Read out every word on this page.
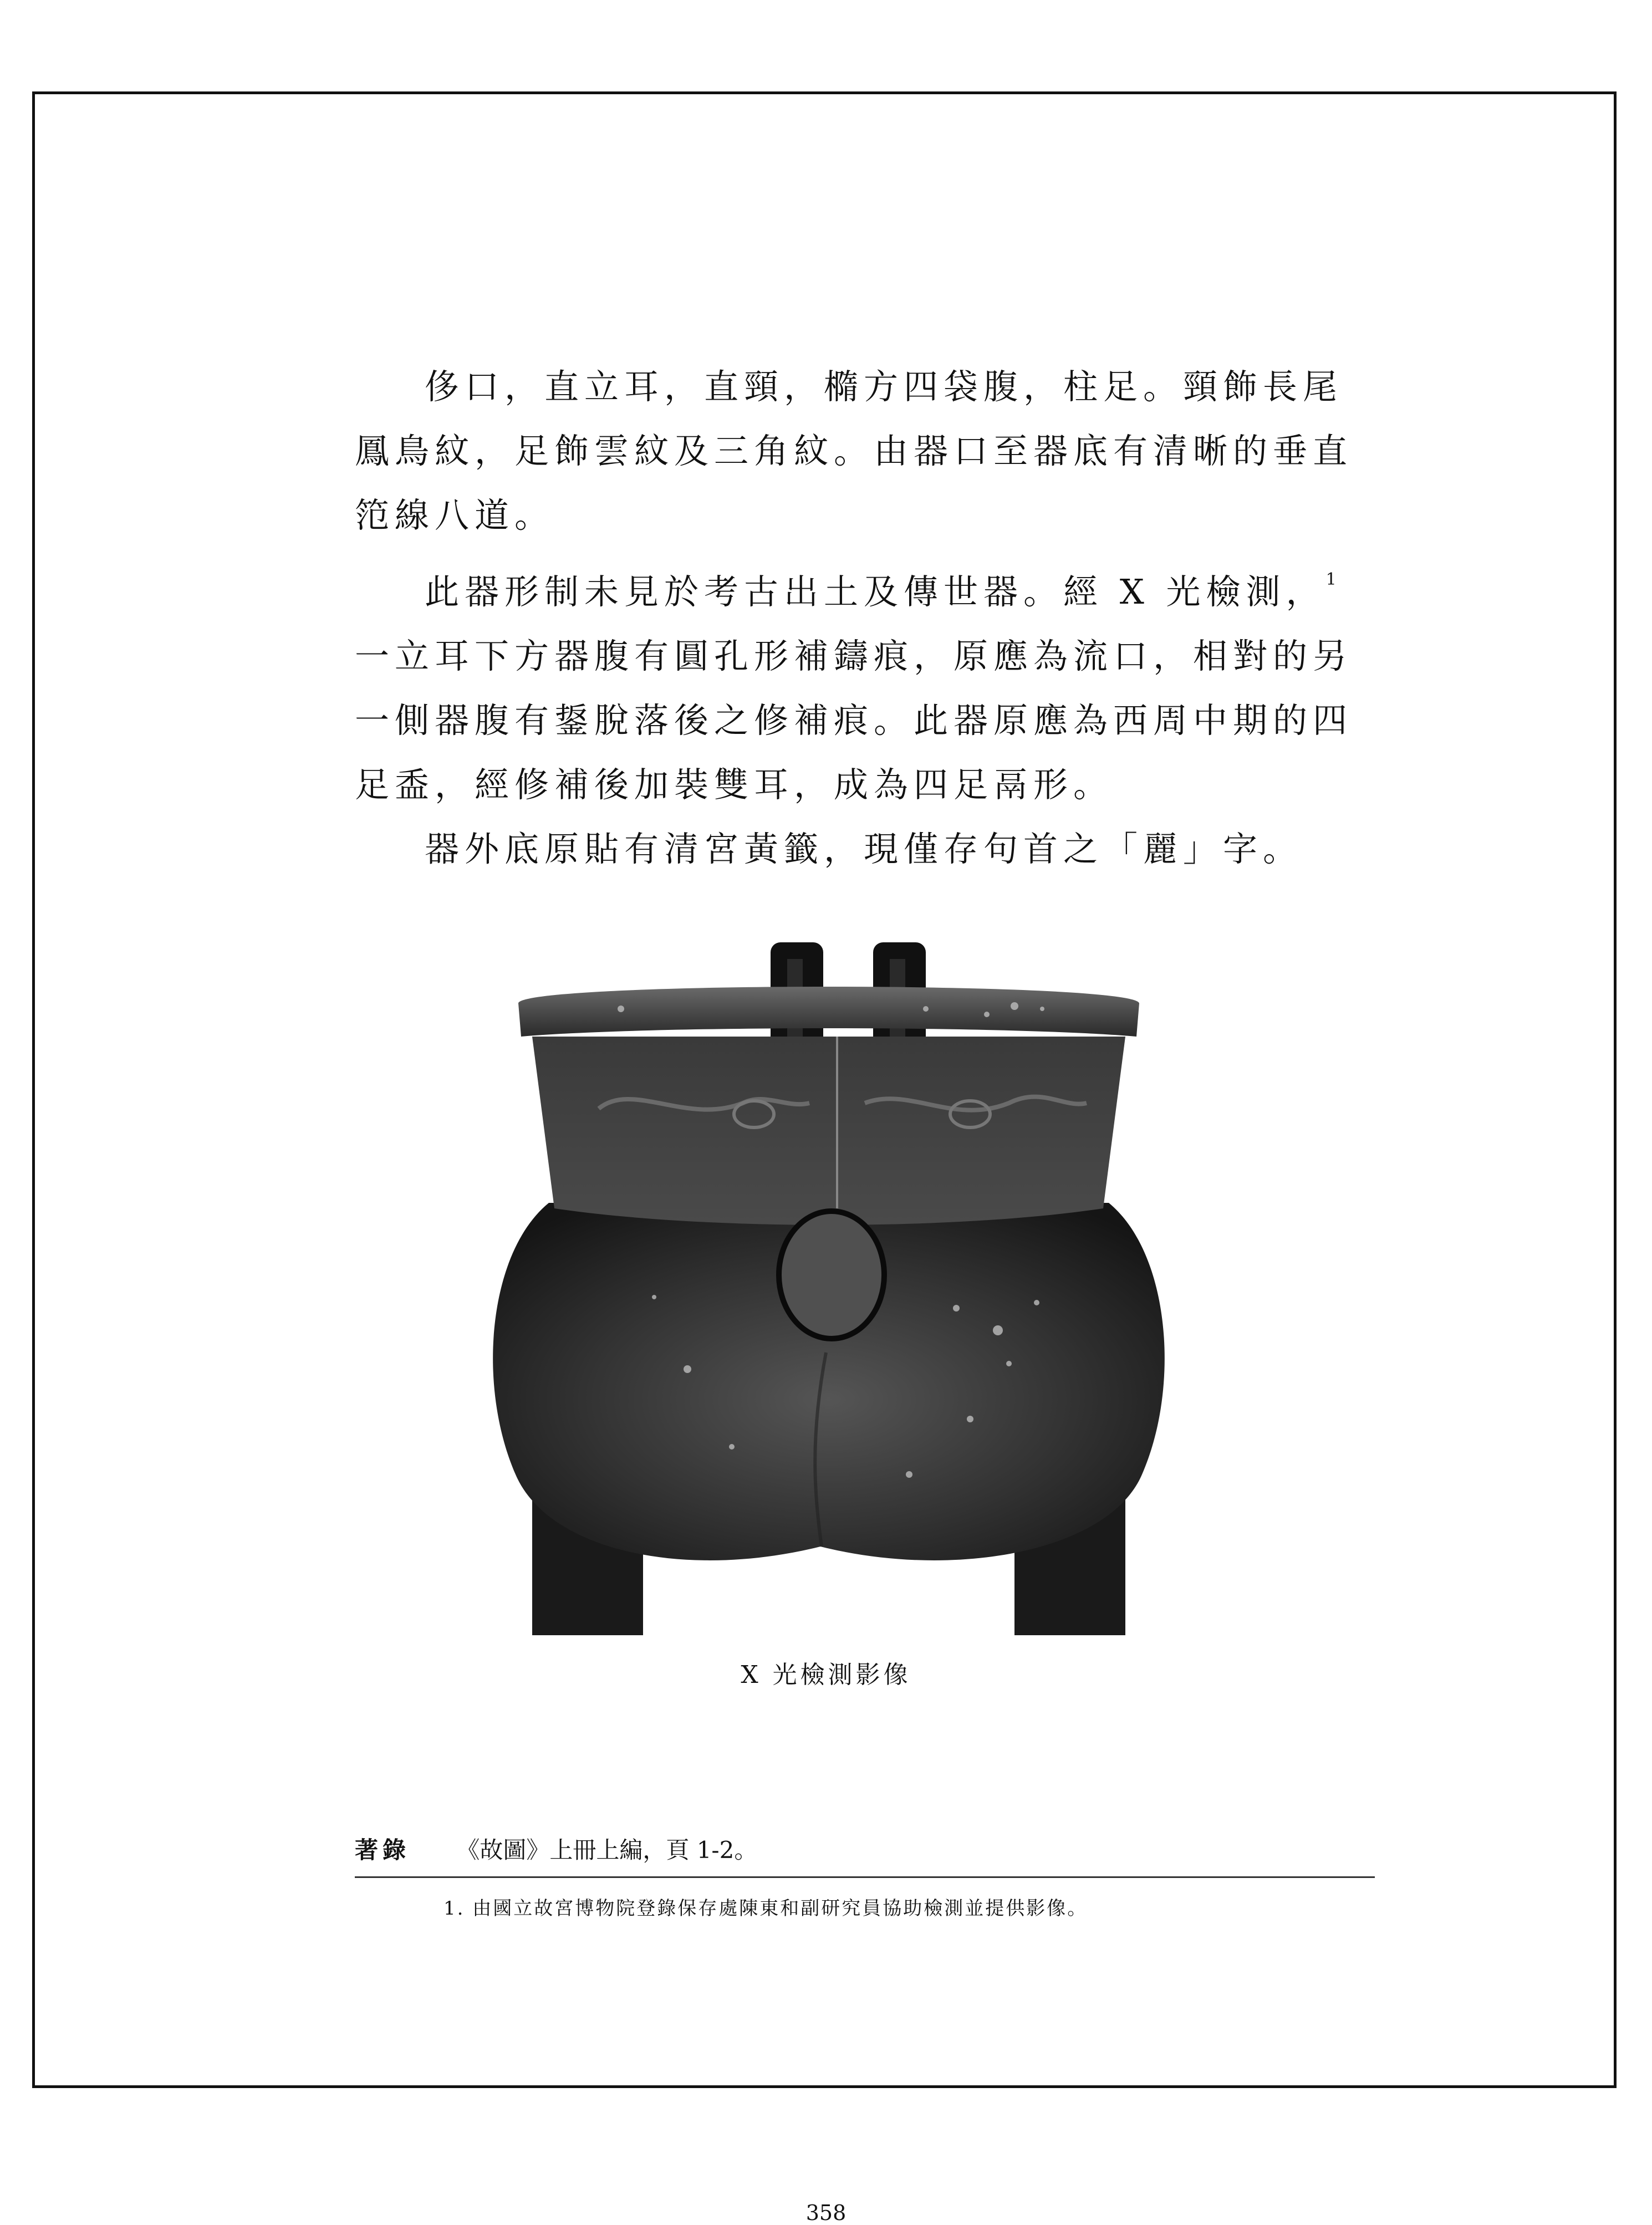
侈口，直立耳，直頸，橢方四袋腹，柱足。頸飾長尾鳳鳥紋，足飾雲紋及三角紋。由器口至器底有清晰的垂直笵線八道。

此器形制未見於考古出土及傳世器。經 X 光檢測，$^1$一立耳下方器腹有圓孔形補鑄痕，原應為流口，相對的另一側器腹有鋬脫落後之修補痕。此器原應為西周中期的四足盉，經修補後加裝雙耳，成為四足鬲形。

器外底原貼有清宮黃籤，現僅存句首之「麗」字。

X 光檢測影像
著錄 《故圖》上冊上編，頁 1-2。
1. 由國立故宮博物院登錄保存處陳東和副研究員協助檢測並提供影像。
358
